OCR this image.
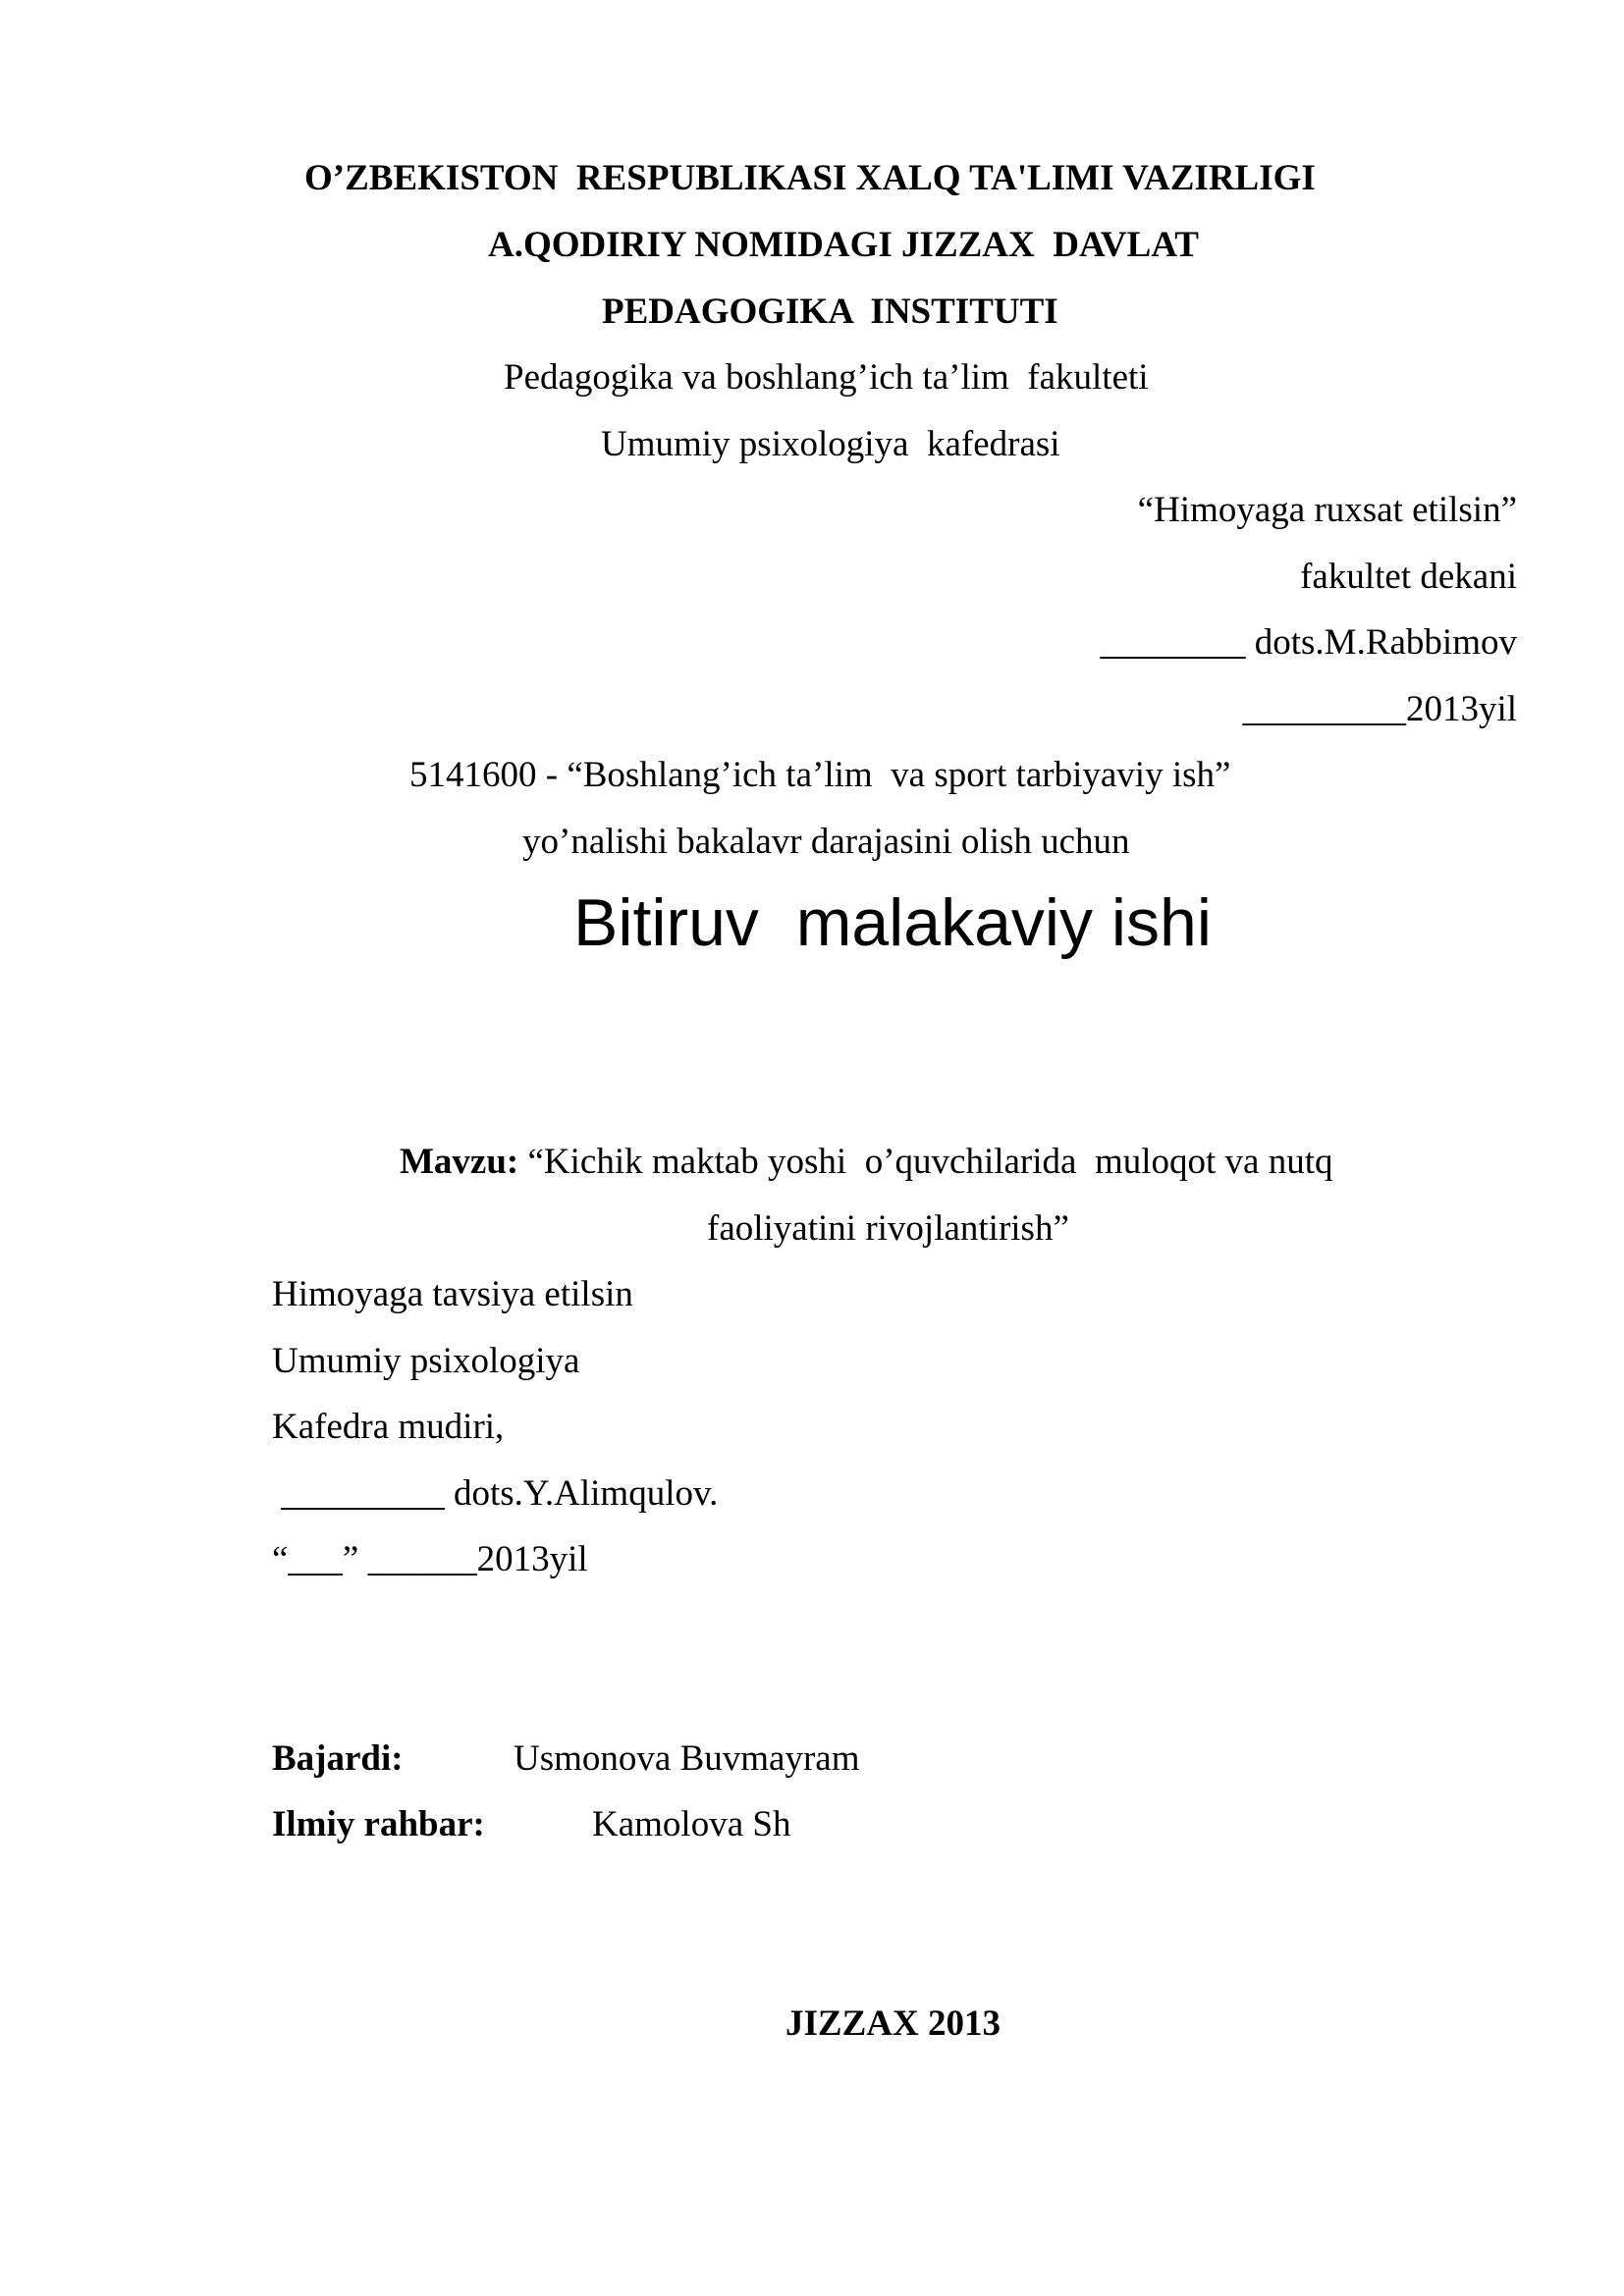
O’ZBEKISTON  RESPUBLIKASI XALQ TA'LIMI VAZIRLIGI
A.QODIRIY NOMIDAGI JIZZAX  DAVLAT
PEDAGOGIKA  INSTITUTI
Pedagogika va boshlang’ich ta’lim  fakulteti
Umumiy psixologiya  kafedrasi
“Himoyaga ruxsat etilsin”
fakultet dekani
________ dots.M.Rabbimov
_________2013yil
5141600 - “Boshlang’ich ta’lim  va sport tarbiyaviy ish”
yo’nalishi bakalavr darajasini olish uchun
Bitiruv  malakaviy ishi
Mavzu: “Kichik maktab yoshi  o’quvchilarida  muloqot va nutq
faoliyatini rivojlantirish”
Himoyaga tavsiya etilsin
Umumiy psixologiya
Kafedra mudiri,
_________ dots.Y.Alimqulov.
“___” ______2013yil
Bajardi:	Usmonova Buvmayram
Ilmiy rahbar:	Kamolova Sh
JIZZAX 2013
